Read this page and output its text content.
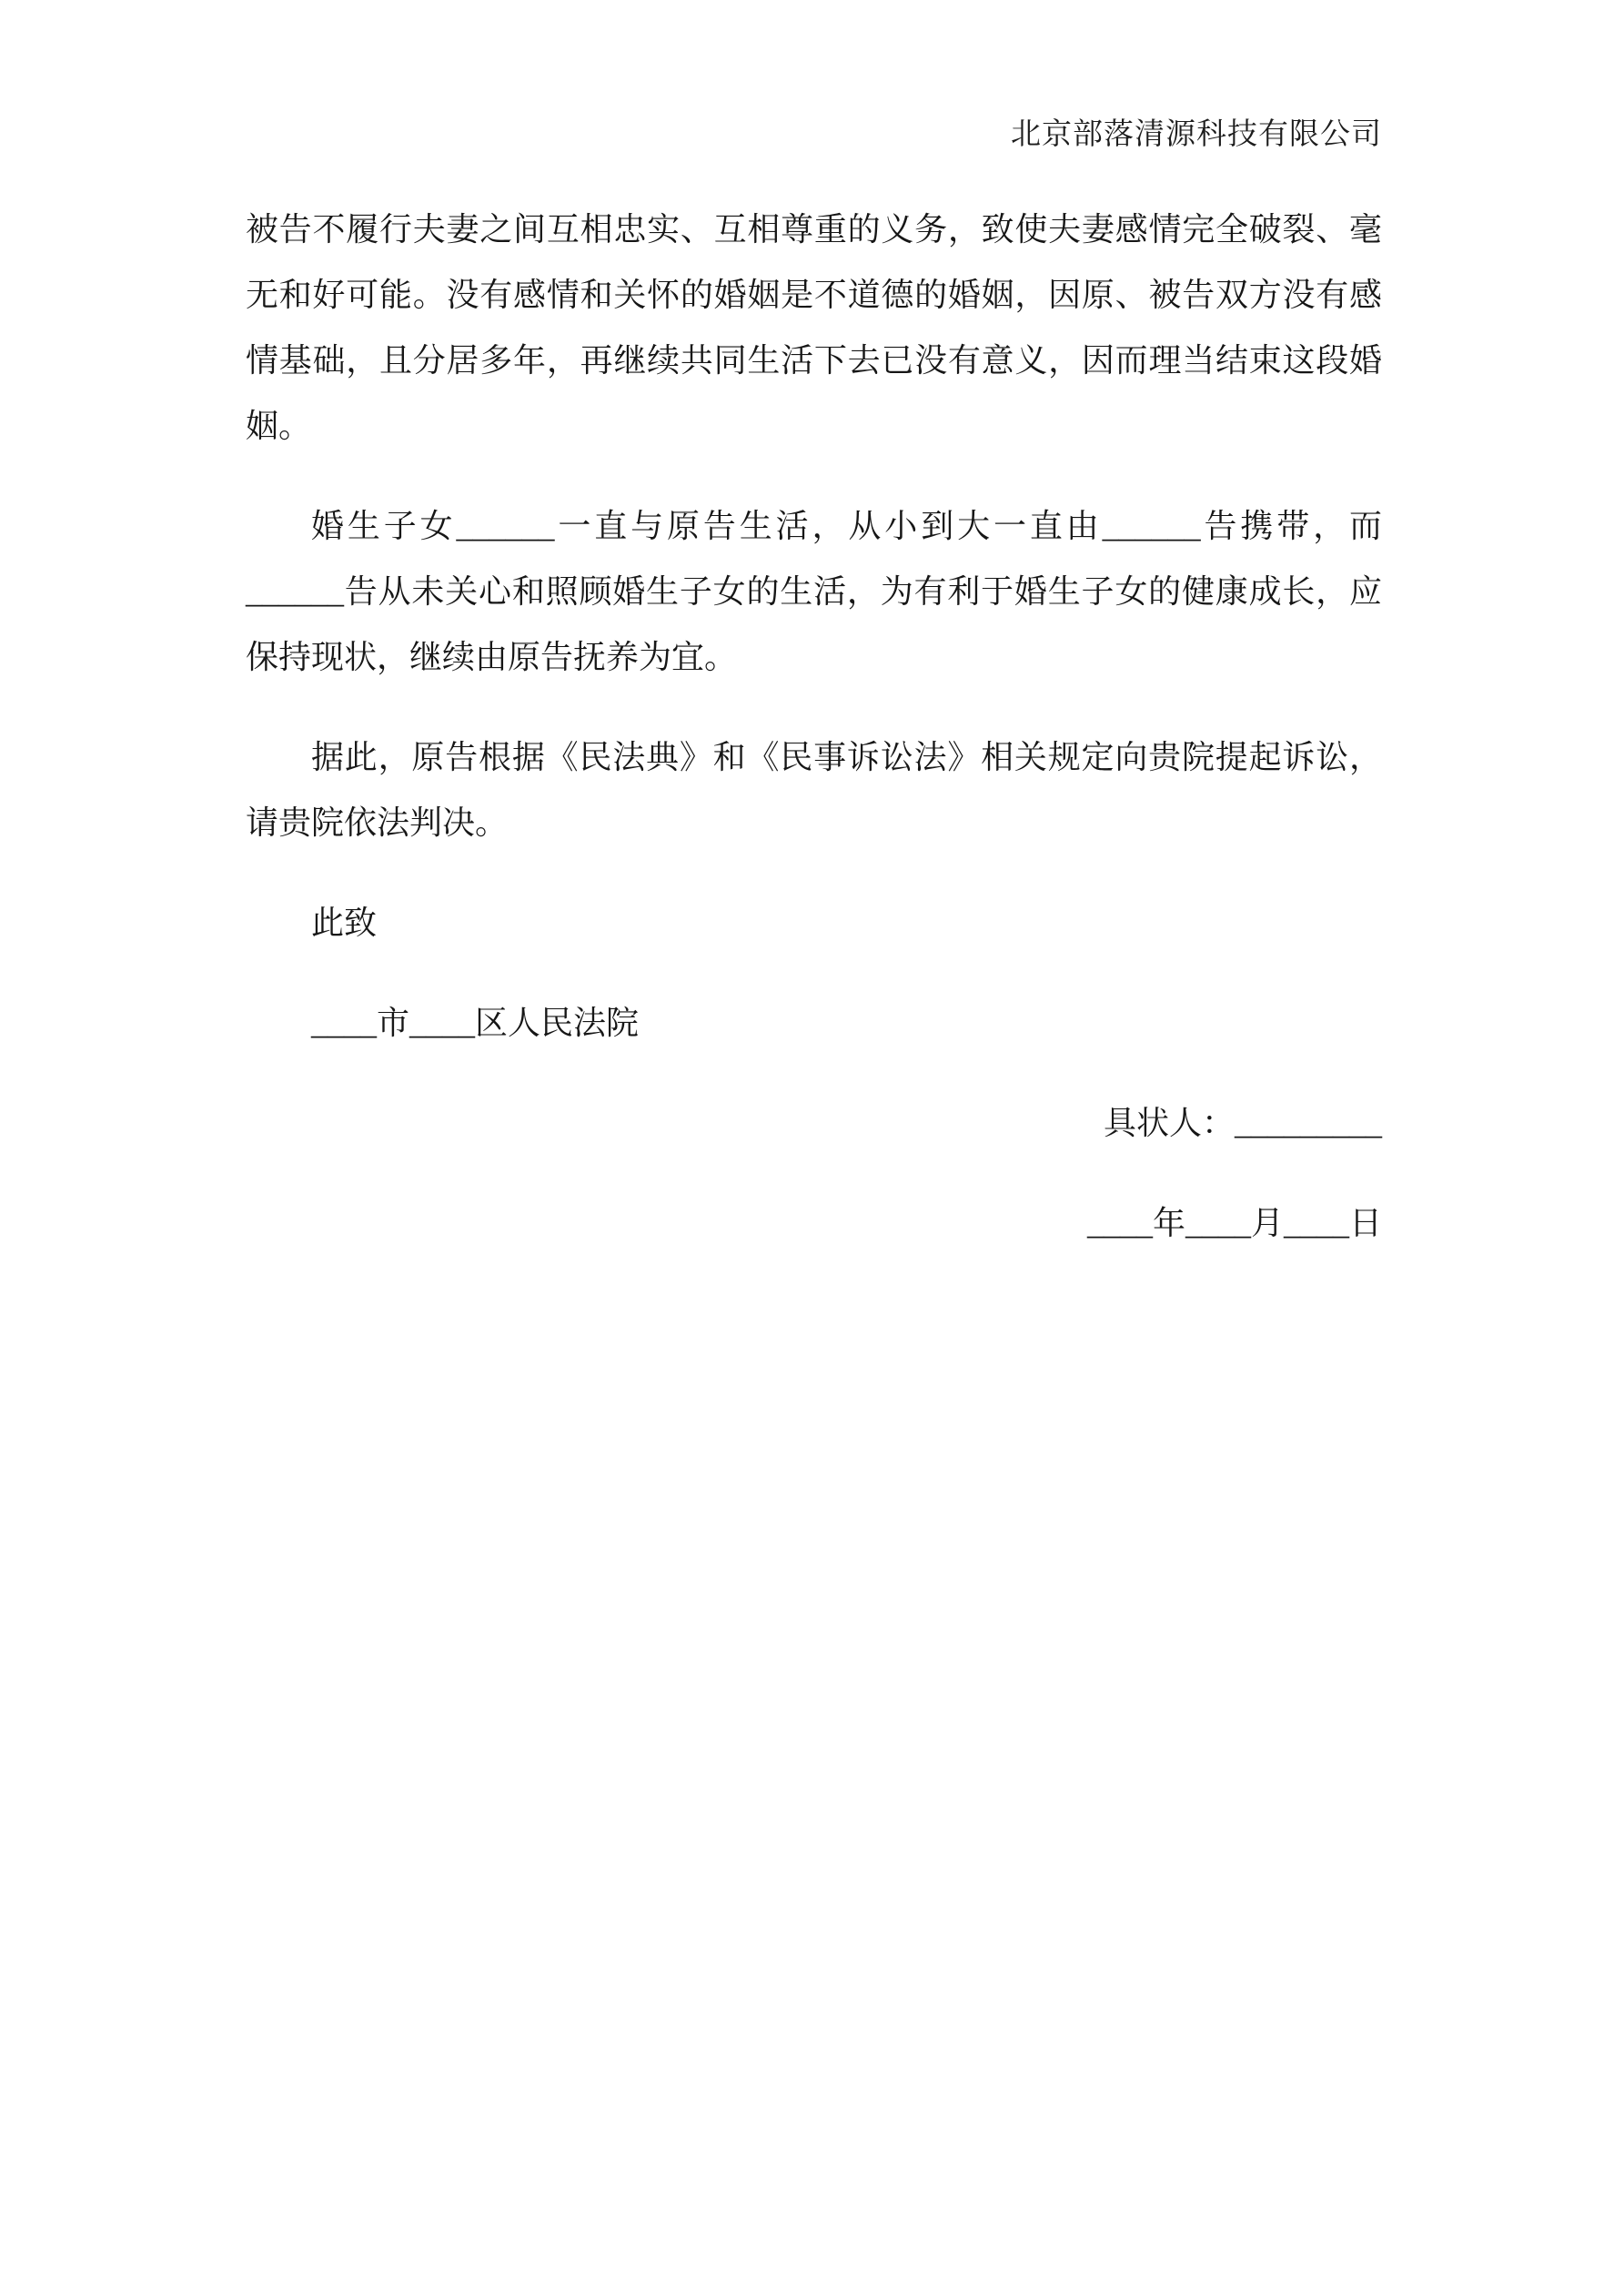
北京部落清源科技有限公司

被告不履行夫妻之间互相忠实、互相尊重的义务，致使夫妻感情完全破裂、毫无和好可能。没有感情和关怀的婚姻是不道德的婚姻，因原、被告双方没有感情基础，且分居多年，再继续共同生活下去已没有意义，因而理当结束这段婚姻。

婚生子女______一直与原告生活，从小到大一直由______告携带，而______告从未关心和照顾婚生子女的生活，为有利于婚生子女的健康成长，应保持现状，继续由原告抚养为宜。

据此，原告根据《民法典》和《民事诉讼法》相关规定向贵院提起诉讼，请贵院依法判决。

此致

____市____区人民法院

具状人：_________

____年____月____日
